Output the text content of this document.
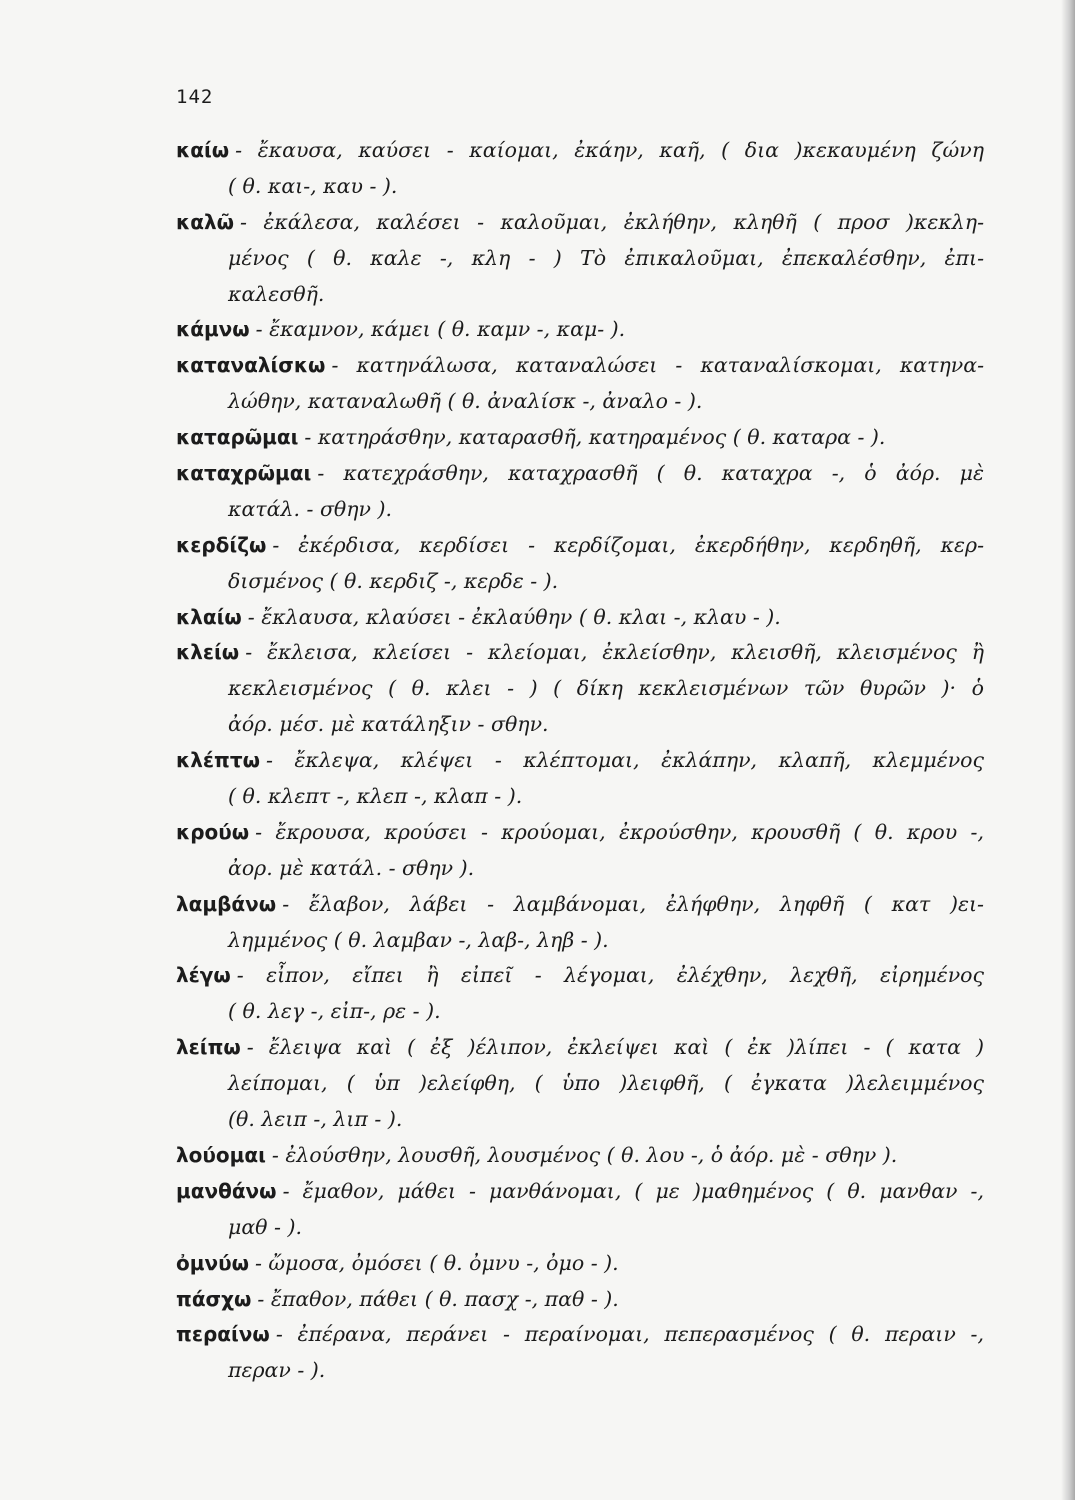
142
καίω - ἔκαυσα, καύσει - καίομαι, ἐκάην, καῆ, ( δια )κεκαυμένη ζώνη
( θ. και-, καυ - ).
καλῶ - ἐκάλεσα, καλέσει - καλοῦμαι, ἐκλήθην, κληθῆ ( προσ )κεκλη-
μένος ( θ. καλε -, κλη - ) Τὸ ἐπικαλοῦμαι, ἐπεκαλέσθην, ἐπι-
καλεσθῆ.
κάμνω - ἔκαμνον, κάμει ( θ. καμν -, καμ- ).
καταναλίσκω - κατηνάλωσα, καταναλώσει - καταναλίσκομαι, κατηνα-
λώθην, καταναλωθῆ ( θ. ἀναλίσκ -, ἀναλο - ).
καταρῶμαι - κατηράσθην, καταρασθῆ, κατηραμένος ( θ. καταρα - ).
καταχρῶμαι - κατεχράσθην, καταχρασθῆ ( θ. καταχρα -, ὁ ἀόρ. μὲ
κατάλ. - σθην ).
κερδίζω - ἐκέρδισα, κερδίσει - κερδίζομαι, ἐκερδήθην, κερδηθῆ, κερ-
δισμένος ( θ. κερδιζ -, κερδε - ).
κλαίω - ἔκλαυσα, κλαύσει - ἐκλαύθην ( θ. κλαι -, κλαυ - ).
κλείω - ἔκλεισα, κλείσει - κλείομαι, ἐκλείσθην, κλεισθῆ, κλεισμένος ἢ
κεκλεισμένος ( θ. κλει - ) ( δίκη κεκλεισμένων τῶν θυρῶν )· ὁ
ἀόρ. μέσ. μὲ κατάληξιν - σθην.
κλέπτω - ἔκλεψα, κλέψει - κλέπτομαι, ἐκλάπην, κλαπῆ, κλεμμένος
( θ. κλεπτ -, κλεπ -, κλαπ - ).
κρούω - ἔκρουσα, κρούσει - κρούομαι, ἐκρούσθην, κρουσθῆ ( θ. κρου -,
ἀορ. μὲ κατάλ. - σθην ).
λαμβάνω - ἔλαβον, λάβει - λαμβάνομαι, ἐλήφθην, ληφθῆ ( κατ )ει-
λημμένος ( θ. λαμβαν -, λαβ-, ληβ - ).
λέγω - εἶπον, εἴπει ἢ εἰπεῖ - λέγομαι, ἐλέχθην, λεχθῆ, εἰρημένος
( θ. λεγ -, εἰπ-, ρε - ).
λείπω - ἔλειψα καὶ ( ἐξ )έλιπον, ἐκλείψει καὶ ( ἐκ )λίπει - ( κατα )
λείπομαι, ( ὑπ )ελείφθη, ( ὑπο )λειφθῆ, ( ἐγκατα )λελειμμένος
(θ. λειπ -, λιπ - ).
λούομαι - ἐλούσθην, λουσθῆ, λουσμένος ( θ. λου -, ὁ ἀόρ. μὲ - σθην ).
μανθάνω - ἔμαθον, μάθει - μανθάνομαι, ( με )μαθημένος ( θ. μανθαν -,
μαθ - ).
ὀμνύω - ὤμοσα, ὀμόσει ( θ. ὀμνυ -, ὀμο - ).
πάσχω - ἔπαθον, πάθει ( θ. πασχ -, παθ - ).
περαίνω - ἐπέρανα, περάνει - περαίνομαι, πεπερασμένος ( θ. περαιν -,
περαν - ).
